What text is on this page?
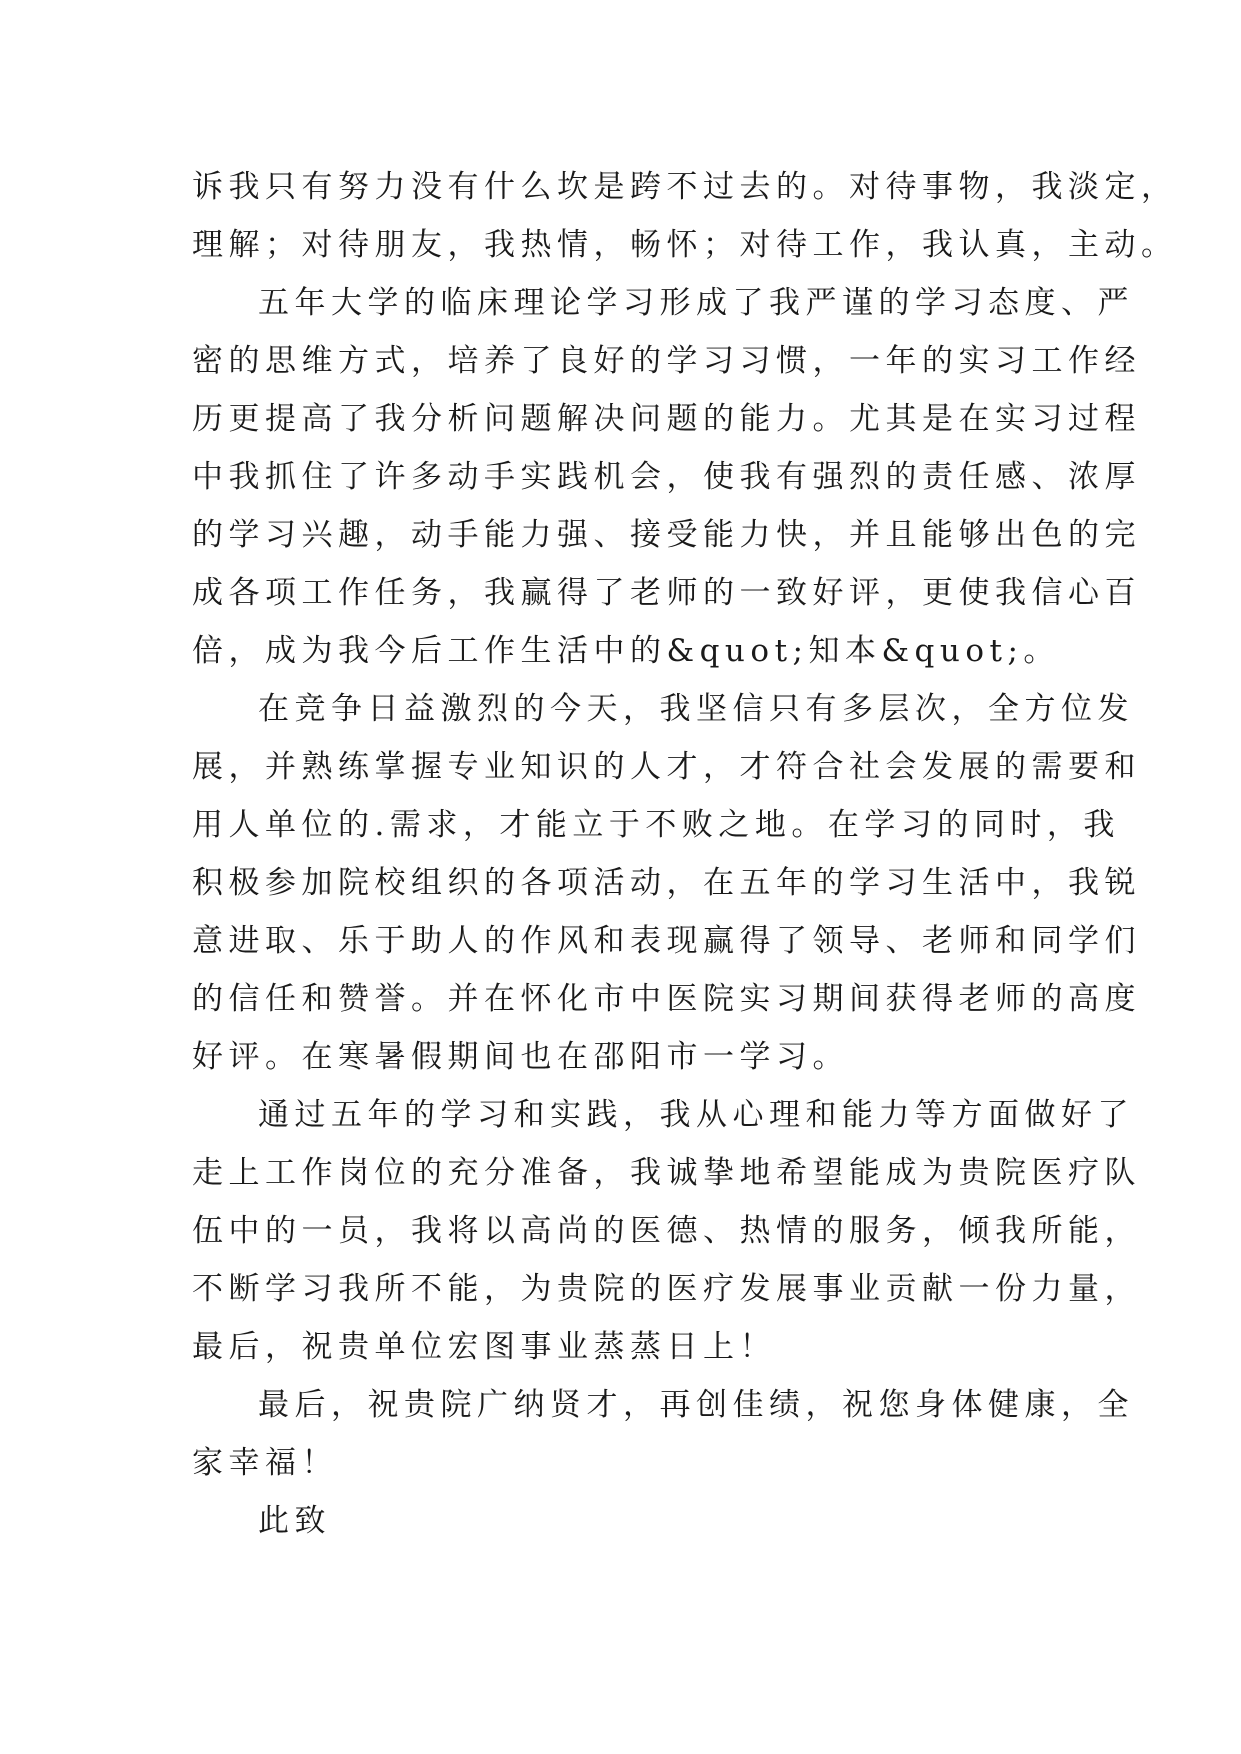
诉我只有努力没有什么坎是跨不过去的。对待事物，我淡定，
理解；对待朋友，我热情，畅怀；对待工作，我认真，主动。
五年大学的临床理论学习形成了我严谨的学习态度、严
密的思维方式，培养了良好的学习习惯，一年的实习工作经
历更提高了我分析问题解决问题的能力。尤其是在实习过程
中我抓住了许多动手实践机会，使我有强烈的责任感、浓厚
的学习兴趣，动手能力强、接受能力快，并且能够出色的完
成各项工作任务，我赢得了老师的一致好评，更使我信心百
倍，成为我今后工作生活中的&quot;知本&quot;。
在竞争日益激烈的今天，我坚信只有多层次，全方位发
展，并熟练掌握专业知识的人才，才符合社会发展的需要和
用人单位的.需求，才能立于不败之地。在学习的同时，我
积极参加院校组织的各项活动，在五年的学习生活中，我锐
意进取、乐于助人的作风和表现赢得了领导、老师和同学们
的信任和赞誉。并在怀化市中医院实习期间获得老师的高度
好评。在寒暑假期间也在邵阳市一学习。
通过五年的学习和实践，我从心理和能力等方面做好了
走上工作岗位的充分准备，我诚挚地希望能成为贵院医疗队
伍中的一员，我将以高尚的医德、热情的服务，倾我所能，
不断学习我所不能，为贵院的医疗发展事业贡献一份力量，
最后，祝贵单位宏图事业蒸蒸日上！
最后，祝贵院广纳贤才，再创佳绩，祝您身体健康，全
家幸福！
此致
